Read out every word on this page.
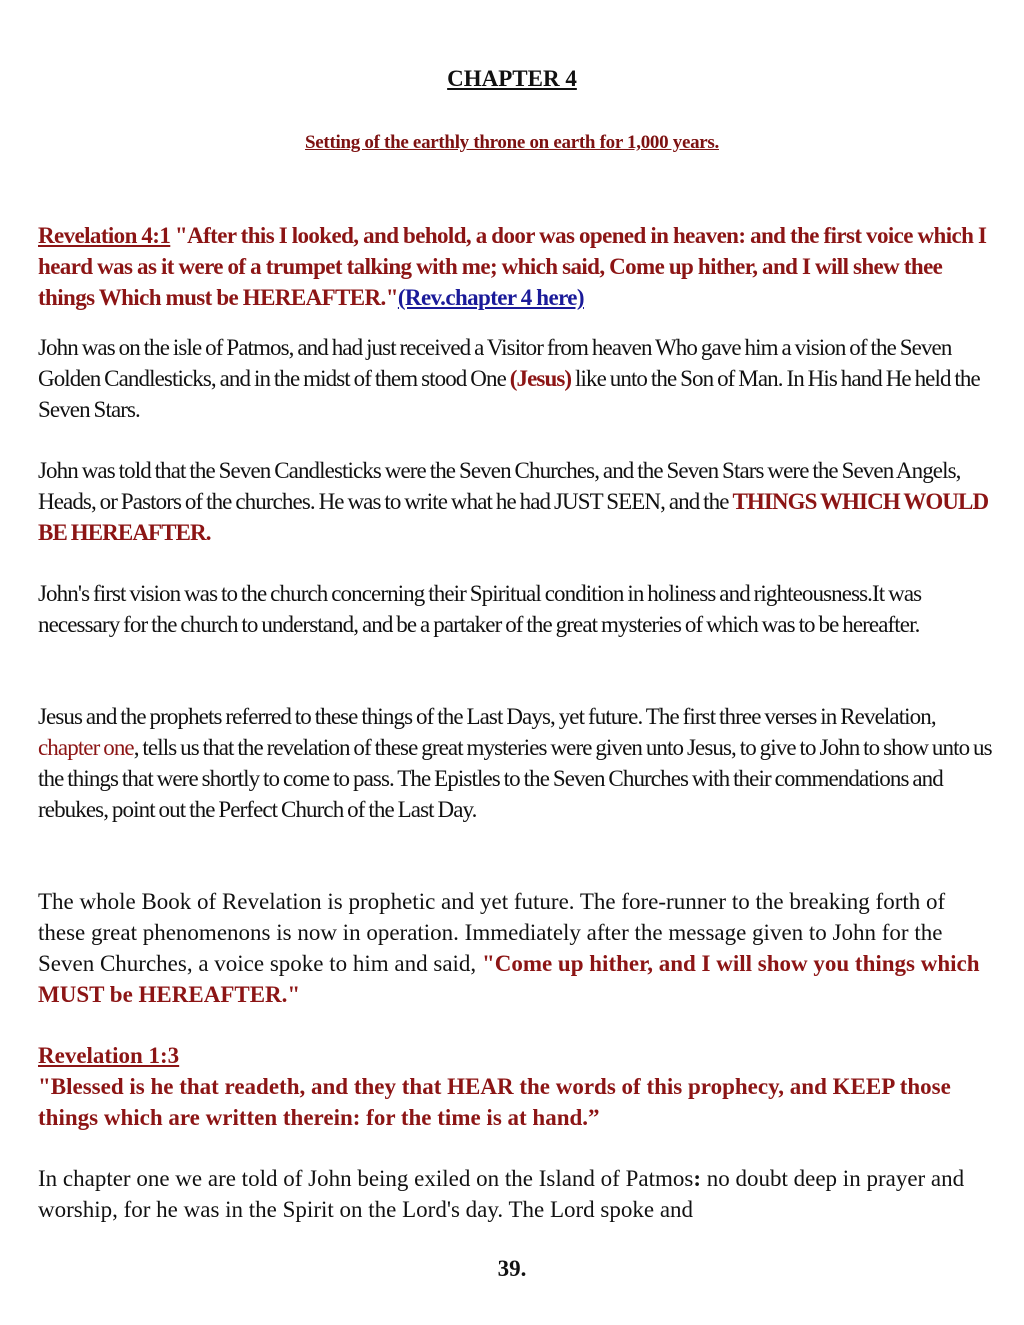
CHAPTER 4
Setting of the earthly throne on earth for 1,000 years.
Revelation 4:1 "After this I looked, and behold, a door was opened in heaven: and the first voice which I heard was as it were of a trumpet talking with me; which said, Come up hither, and I will shew thee things Which must be HEREAFTER."(Rev.chapter 4 here)
John was on the isle of Patmos, and had just received a Visitor from heaven Who gave him a vision of the Seven Golden Candlesticks, and in the midst of them stood One (Jesus) like unto the Son of Man. In His hand He held the Seven Stars.
John was told that the Seven Candlesticks were the Seven Churches, and the Seven Stars were the Seven Angels, Heads, or Pastors of the churches. He was to write what he had JUST SEEN, and the THINGS WHICH WOULD BE HEREAFTER.
John's first vision was to the church concerning their Spiritual condition in holiness and righteousness.It was necessary for the church to understand, and be a partaker of the great mysteries of which was to be hereafter.
Jesus and the prophets referred to these things of the Last Days, yet future. The first three verses in Revelation, chapter one, tells us that the revelation of these great mysteries were given unto Jesus, to give to John to show unto us the things that were shortly to come to pass. The Epistles to the Seven Churches with their commendations and rebukes, point out the Perfect Church of the Last Day.
The whole Book of Revelation is prophetic and yet future. The fore-runner to the breaking forth of these great phenomenons is now in operation. Immediately after the message given to John for the Seven Churches, a voice spoke to him and said, "Come up hither, and I will show you things which MUST be HEREAFTER."
Revelation 1:3
"Blessed is he that readeth, and they that HEAR the words of this prophecy, and KEEP those things which are written therein: for the time is at hand.”
In chapter one we are told of John being exiled on the Island of Patmos: no doubt deep in prayer and worship, for he was in the Spirit on the Lord's day. The Lord spoke and
39.
